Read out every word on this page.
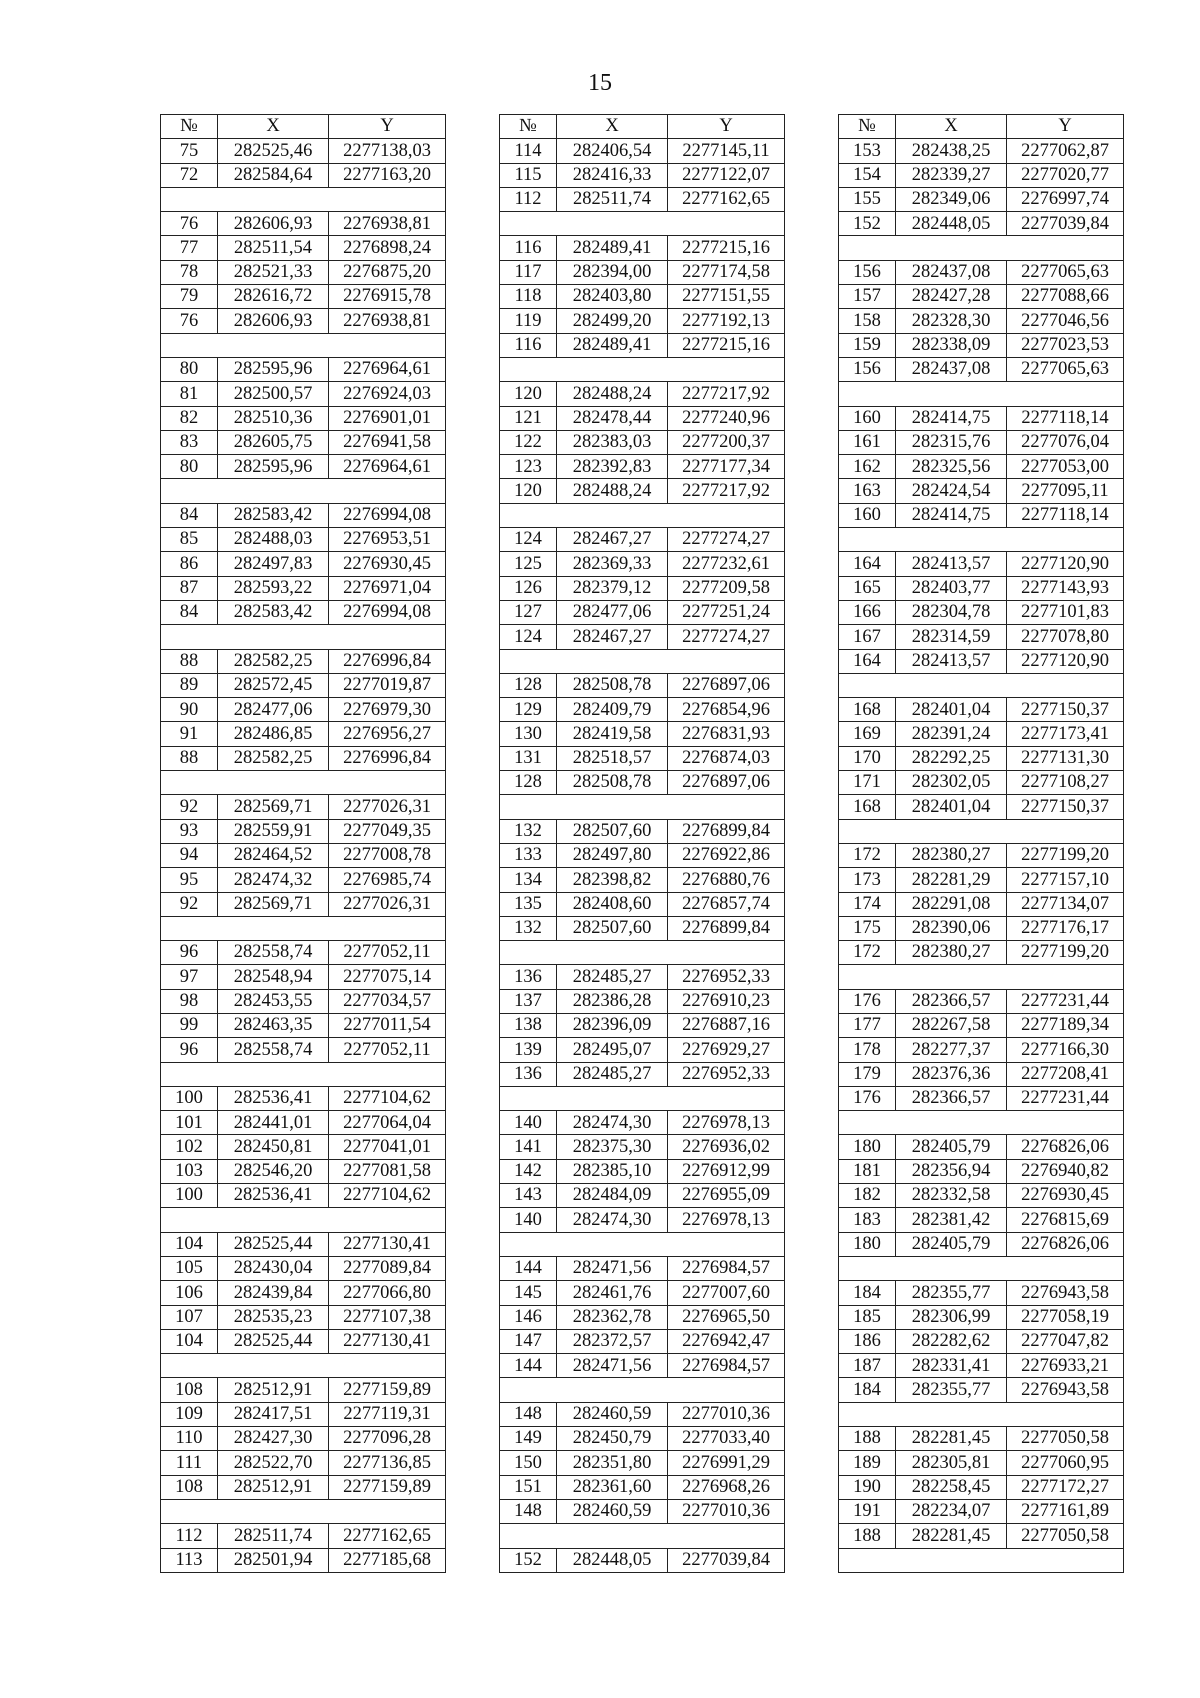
15
№	X	Y
75	282525,46	2277138,03
72	282584,64	2277163,20

76	282606,93	2276938,81
77	282511,54	2276898,24
78	282521,33	2276875,20
79	282616,72	2276915,78
76	282606,93	2276938,81

80	282595,96	2276964,61
81	282500,57	2276924,03
82	282510,36	2276901,01
83	282605,75	2276941,58
80	282595,96	2276964,61

84	282583,42	2276994,08
85	282488,03	2276953,51
86	282497,83	2276930,45
87	282593,22	2276971,04
84	282583,42	2276994,08

88	282582,25	2276996,84
89	282572,45	2277019,87
90	282477,06	2276979,30
91	282486,85	2276956,27
88	282582,25	2276996,84

92	282569,71	2277026,31
93	282559,91	2277049,35
94	282464,52	2277008,78
95	282474,32	2276985,74
92	282569,71	2277026,31

96	282558,74	2277052,11
97	282548,94	2277075,14
98	282453,55	2277034,57
99	282463,35	2277011,54
96	282558,74	2277052,11

100	282536,41	2277104,62
101	282441,01	2277064,04
102	282450,81	2277041,01
103	282546,20	2277081,58
100	282536,41	2277104,62

104	282525,44	2277130,41
105	282430,04	2277089,84
106	282439,84	2277066,80
107	282535,23	2277107,38
104	282525,44	2277130,41

108	282512,91	2277159,89
109	282417,51	2277119,31
110	282427,30	2277096,28
111	282522,70	2277136,85
108	282512,91	2277159,89

112	282511,74	2277162,65
113	282501,94	2277185,68
№	X	Y
114	282406,54	2277145,11
115	282416,33	2277122,07
112	282511,74	2277162,65

116	282489,41	2277215,16
117	282394,00	2277174,58
118	282403,80	2277151,55
119	282499,20	2277192,13
116	282489,41	2277215,16

120	282488,24	2277217,92
121	282478,44	2277240,96
122	282383,03	2277200,37
123	282392,83	2277177,34
120	282488,24	2277217,92

124	282467,27	2277274,27
125	282369,33	2277232,61
126	282379,12	2277209,58
127	282477,06	2277251,24
124	282467,27	2277274,27

128	282508,78	2276897,06
129	282409,79	2276854,96
130	282419,58	2276831,93
131	282518,57	2276874,03
128	282508,78	2276897,06

132	282507,60	2276899,84
133	282497,80	2276922,86
134	282398,82	2276880,76
135	282408,60	2276857,74
132	282507,60	2276899,84

136	282485,27	2276952,33
137	282386,28	2276910,23
138	282396,09	2276887,16
139	282495,07	2276929,27
136	282485,27	2276952,33

140	282474,30	2276978,13
141	282375,30	2276936,02
142	282385,10	2276912,99
143	282484,09	2276955,09
140	282474,30	2276978,13

144	282471,56	2276984,57
145	282461,76	2277007,60
146	282362,78	2276965,50
147	282372,57	2276942,47
144	282471,56	2276984,57

148	282460,59	2277010,36
149	282450,79	2277033,40
150	282351,80	2276991,29
151	282361,60	2276968,26
148	282460,59	2277010,36

152	282448,05	2277039,84
№	X	Y
153	282438,25	2277062,87
154	282339,27	2277020,77
155	282349,06	2276997,74
152	282448,05	2277039,84

156	282437,08	2277065,63
157	282427,28	2277088,66
158	282328,30	2277046,56
159	282338,09	2277023,53
156	282437,08	2277065,63

160	282414,75	2277118,14
161	282315,76	2277076,04
162	282325,56	2277053,00
163	282424,54	2277095,11
160	282414,75	2277118,14

164	282413,57	2277120,90
165	282403,77	2277143,93
166	282304,78	2277101,83
167	282314,59	2277078,80
164	282413,57	2277120,90

168	282401,04	2277150,37
169	282391,24	2277173,41
170	282292,25	2277131,30
171	282302,05	2277108,27
168	282401,04	2277150,37

172	282380,27	2277199,20
173	282281,29	2277157,10
174	282291,08	2277134,07
175	282390,06	2277176,17
172	282380,27	2277199,20

176	282366,57	2277231,44
177	282267,58	2277189,34
178	282277,37	2277166,30
179	282376,36	2277208,41
176	282366,57	2277231,44

180	282405,79	2276826,06
181	282356,94	2276940,82
182	282332,58	2276930,45
183	282381,42	2276815,69
180	282405,79	2276826,06

184	282355,77	2276943,58
185	282306,99	2277058,19
186	282282,62	2277047,82
187	282331,41	2276933,21
184	282355,77	2276943,58

188	282281,45	2277050,58
189	282305,81	2277060,95
190	282258,45	2277172,27
191	282234,07	2277161,89
188	282281,45	2277050,58
